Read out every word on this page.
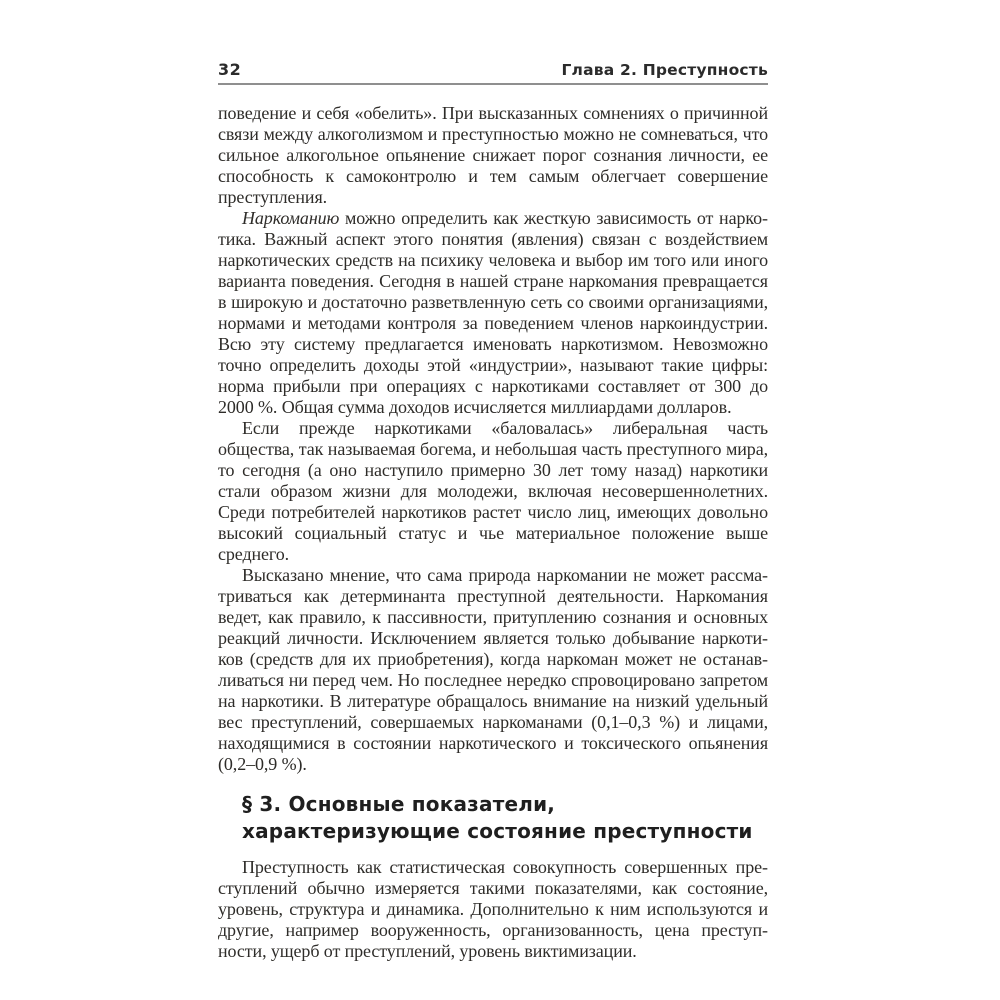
32	Глава 2. Преступность

поведение и себя «обелить». При высказанных сомнениях о причинной связи между алкоголизмом и преступностью можно не сомневаться, что сильное алкогольное опьянение снижает порог сознания личности, ее способность к самоконтролю и тем самым облегчает совершение преступления.

Наркоманию можно определить как жесткую зависимость от наркотика. Важный аспект этого понятия (явления) связан с воздействием наркотических средств на психику человека и выбор им того или иного варианта поведения. Сегодня в нашей стране наркомания превращается в широкую и достаточно разветвленную сеть со своими организациями, нормами и методами контроля за поведением членов наркоиндустрии. Всю эту систему предлагается именовать наркотизмом. Невозможно точно определить доходы этой «индустрии», называют такие цифры: норма прибыли при операциях с наркотиками составляет от 300 до 2000 %. Общая сумма доходов исчисляется миллиардами долларов.

Если прежде наркотиками «баловалась» либеральная часть общества, так называемая богема, и небольшая часть преступного мира, то сегодня (а оно наступило примерно 30 лет тому назад) наркотики стали образом жизни для молодежи, включая несовершеннолетних. Среди потребителей наркотиков растет число лиц, имеющих довольно высокий социальный статус и чье материальное положение выше среднего.

Высказано мнение, что сама природа наркомании не может рассматриваться как детерминанта преступной деятельности. Наркомания ведет, как правило, к пассивности, притуплению сознания и основных реакций личности. Исключением является только добывание наркотиков (средств для их приобретения), когда наркоман может не останавливаться ни перед чем. Но последнее нередко спровоцировано запретом на наркотики. В литературе обращалось внимание на низкий удельный вес преступлений, совершаемых наркоманами (0,1–0,3 %) и лицами, находящимися в состоянии наркотического и токсического опьянения (0,2–0,9 %).

§ 3. Основные показатели, характеризующие состояние преступности

Преступность как статистическая совокупность совершенных преступлений обычно измеряется такими показателями, как состояние, уровень, структура и динамика. Дополнительно к ним используются и другие, например вооруженность, организованность, цена преступности, ущерб от преступлений, уровень виктимизации.
